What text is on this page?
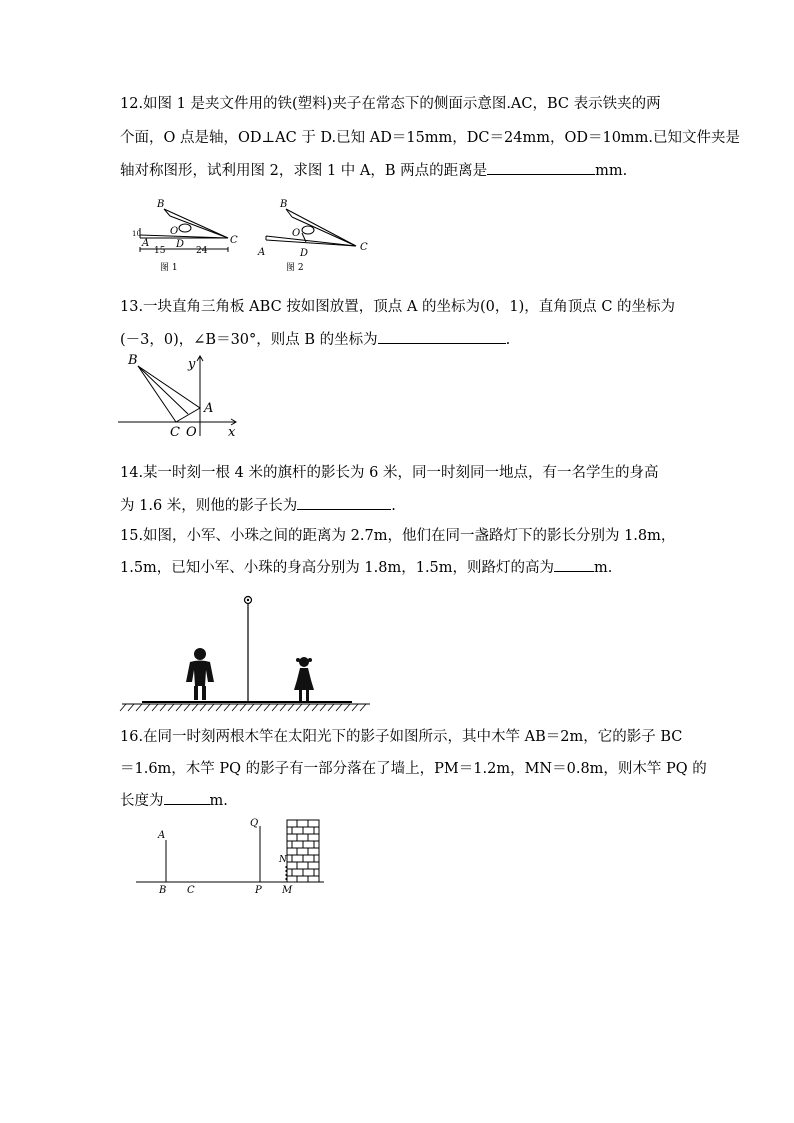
12.如图 1 是夹文件用的铁(塑料)夹子在常态下的侧面示意图.AC，BC 表示铁夹的两
个面，O 点是轴，OD⊥AC 于 D.已知 AD＝15mm，DC＝24mm，OD＝10mm.已知文件夹是
轴对称图形，试利用图 2，求图 1 中 A，B 两点的距离是	mm.
B
O
A	D	C
10
15	24
图 1
B
O
A	D
C
图 2
13.一块直角三角板 ABC 按如图放置，顶点 A 的坐标为(0，1)，直角顶点 C 的坐标为
(－3，0)，∠B＝30°，则点 B 的坐标为	.
B	y
A
C O x
14.某一时刻一根 4 米的旗杆的影长为 6 米，同一时刻同一地点，有一名学生的身高
为 1.6 米，则他的影子长为	.
15.如图，小军、小珠之间的距离为 2.7m，他们在同一盏路灯下的影长分别为 1.8m，
1.5m，已知小军、小珠的身高分别为 1.8m，1.5m，则路灯的高为	m.
16.在同一时刻两根木竿在太阳光下的影子如图所示，其中木竿 AB＝2m，它的影子 BC
＝1.6m，木竿 PQ 的影子有一部分落在了墙上，PM＝1.2m，MN＝0.8m，则木竿 PQ 的
长度为	m.
A
B C
Q
P
N
M
